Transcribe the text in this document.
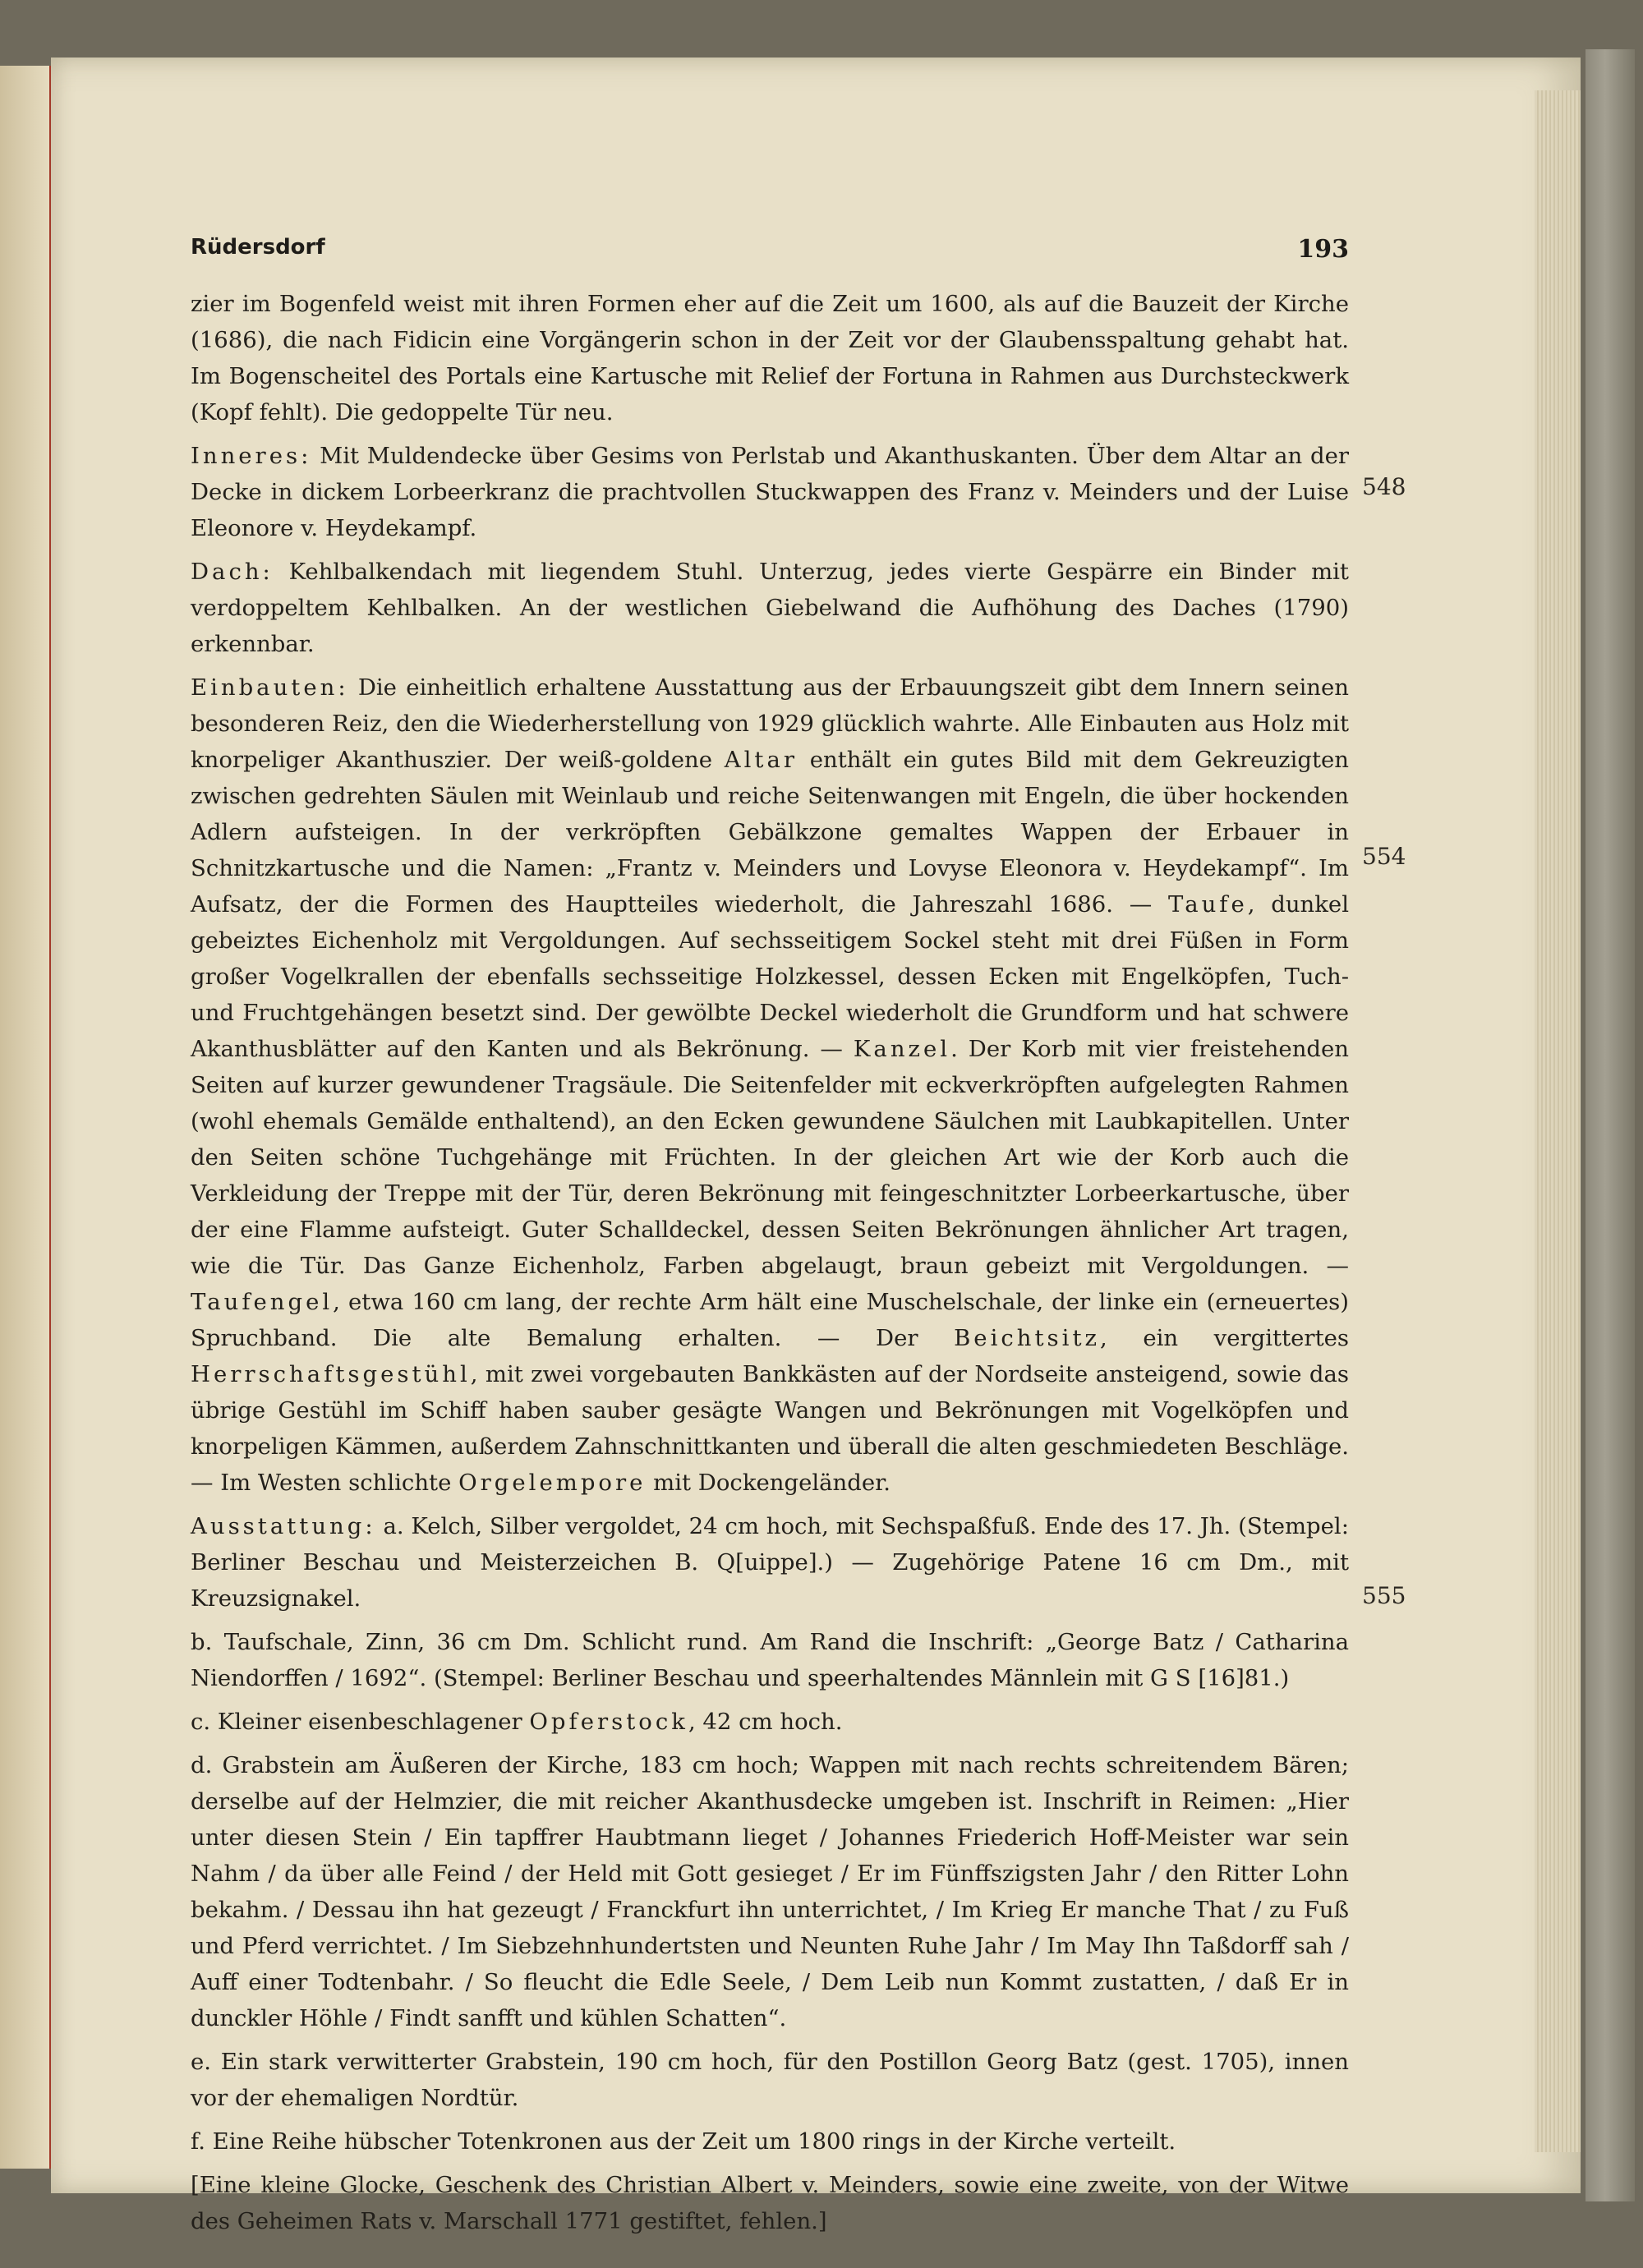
Rüdersdorf	193
548
554
555

zier im Bogenfeld weist mit ihren Formen eher auf die Zeit um 1600, als auf die Bauzeit der Kirche (1686), die nach Fidicin eine Vorgängerin schon in der Zeit vor der Glaubensspaltung gehabt hat. Im Bogenscheitel des Portals eine Kartusche mit Relief der Fortuna in Rahmen aus Durchsteckwerk (Kopf fehlt). Die gedoppelte Tür neu.

Inneres: Mit Muldendecke über Gesims von Perlstab und Akanthuskanten. Über dem Altar an der Decke in dickem Lorbeerkranz die prachtvollen Stuckwappen des Franz v. Meinders und der Luise Eleonore v. Heydekampf.

Dach: Kehlbalkendach mit liegendem Stuhl. Unterzug, jedes vierte Gespärre ein Binder mit verdoppeltem Kehlbalken. An der westlichen Giebelwand die Aufhöhung des Daches (1790) erkennbar.

Einbauten: Die einheitlich erhaltene Ausstattung aus der Erbauungszeit gibt dem Innern seinen besonderen Reiz, den die Wiederherstellung von 1929 glücklich wahrte. Alle Einbauten aus Holz mit knorpeliger Akanthuszier. Der weiß-goldene Altar enthält ein gutes Bild mit dem Gekreuzigten zwischen gedrehten Säulen mit Weinlaub und reiche Seitenwangen mit Engeln, die über hockenden Adlern aufsteigen. In der verkröpften Gebälkzone gemaltes Wappen der Erbauer in Schnitzkartusche und die Namen: „Frantz v. Meinders und Lovyse Eleonora v. Heydekampf“. Im Aufsatz, der die Formen des Hauptteiles wiederholt, die Jahreszahl 1686. — Taufe, dunkel gebeiztes Eichenholz mit Vergoldungen. Auf sechsseitigem Sockel steht mit drei Füßen in Form großer Vogelkrallen der ebenfalls sechsseitige Holzkessel, dessen Ecken mit Engelköpfen, Tuch- und Fruchtgehängen besetzt sind. Der gewölbte Deckel wiederholt die Grundform und hat schwere Akanthusblätter auf den Kanten und als Bekrönung. — Kanzel. Der Korb mit vier freistehenden Seiten auf kurzer gewundener Tragsäule. Die Seitenfelder mit eckverkröpften aufgelegten Rahmen (wohl ehemals Gemälde enthaltend), an den Ecken gewundene Säulchen mit Laubkapitellen. Unter den Seiten schöne Tuchgehänge mit Früchten. In der gleichen Art wie der Korb auch die Verkleidung der Treppe mit der Tür, deren Bekrönung mit feingeschnitzter Lorbeerkartusche, über der eine Flamme aufsteigt. Guter Schalldeckel, dessen Seiten Bekrönungen ähnlicher Art tragen, wie die Tür. Das Ganze Eichenholz, Farben abgelaugt, braun gebeizt mit Vergoldungen. — Taufengel, etwa 160 cm lang, der rechte Arm hält eine Muschelschale, der linke ein (erneuertes) Spruchband. Die alte Bemalung erhalten. — Der Beichtsitz, ein vergittertes Herrschaftsgestühl, mit zwei vorgebauten Bankkästen auf der Nordseite ansteigend, sowie das übrige Gestühl im Schiff haben sauber gesägte Wangen und Bekrönungen mit Vogelköpfen und knorpeligen Kämmen, außerdem Zahnschnittkanten und überall die alten geschmiedeten Beschläge. — Im Westen schlichte Orgelempore mit Dockengeländer.

Ausstattung: a. Kelch, Silber vergoldet, 24 cm hoch, mit Sechspaßfuß. Ende des 17. Jh. (Stempel: Berliner Beschau und Meisterzeichen B. Q[uippe].) — Zugehörige Patene 16 cm Dm., mit Kreuzsignakel.

b. Taufschale, Zinn, 36 cm Dm. Schlicht rund. Am Rand die Inschrift: „George Batz / Catharina Niendorffen / 1692“. (Stempel: Berliner Beschau und speerhaltendes Männlein mit G S [16]81.)

c. Kleiner eisenbeschlagener Opferstock, 42 cm hoch.

d. Grabstein am Äußeren der Kirche, 183 cm hoch; Wappen mit nach rechts schreitendem Bären; derselbe auf der Helmzier, die mit reicher Akanthusdecke umgeben ist. Inschrift in Reimen: „Hier unter diesen Stein / Ein tapffrer Haubtmann lieget / Johannes Friederich Hoff-Meister war sein Nahm / da über alle Feind / der Held mit Gott gesieget / Er im Fünffszigsten Jahr / den Ritter Lohn bekahm. / Dessau ihn hat gezeugt / Franckfurt ihn unterrichtet, / Im Krieg Er manche That / zu Fuß und Pferd verrichtet. / Im Siebzehnhundertsten und Neunten Ruhe Jahr / Im May Ihn Taßdorff sah / Auff einer Todtenbahr. / So fleucht die Edle Seele, / Dem Leib nun Kommt zustatten, / daß Er in dunckler Höhle / Findt sanfft und kühlen Schatten“.

e. Ein stark verwitterter Grabstein, 190 cm hoch, für den Postillon Georg Batz (gest. 1705), innen vor der ehemaligen Nordtür.

f. Eine Reihe hübscher Totenkronen aus der Zeit um 1800 rings in der Kirche verteilt.

[Eine kleine Glocke, Geschenk des Christian Albert v. Meinders, sowie eine zweite, von der Witwe des Geheimen Rats v. Marschall 1771 gestiftet, fehlen.]
